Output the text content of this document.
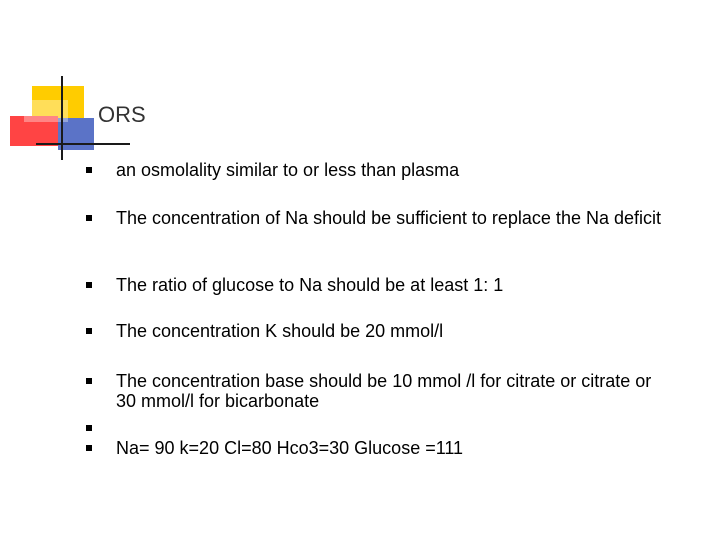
ORS
an osmolality similar to or less than plasma
The concentration of Na should be sufficient to replace the Na deficit
The ratio of glucose to Na should be at least 1: 1
The concentration K should be 20 mmol/l
The concentration base should be 10 mmol /l for citrate or citrate or 30 mmol/l for bicarbonate
Na= 90 k=20 Cl=80 Hco3=30 Glucose =111
